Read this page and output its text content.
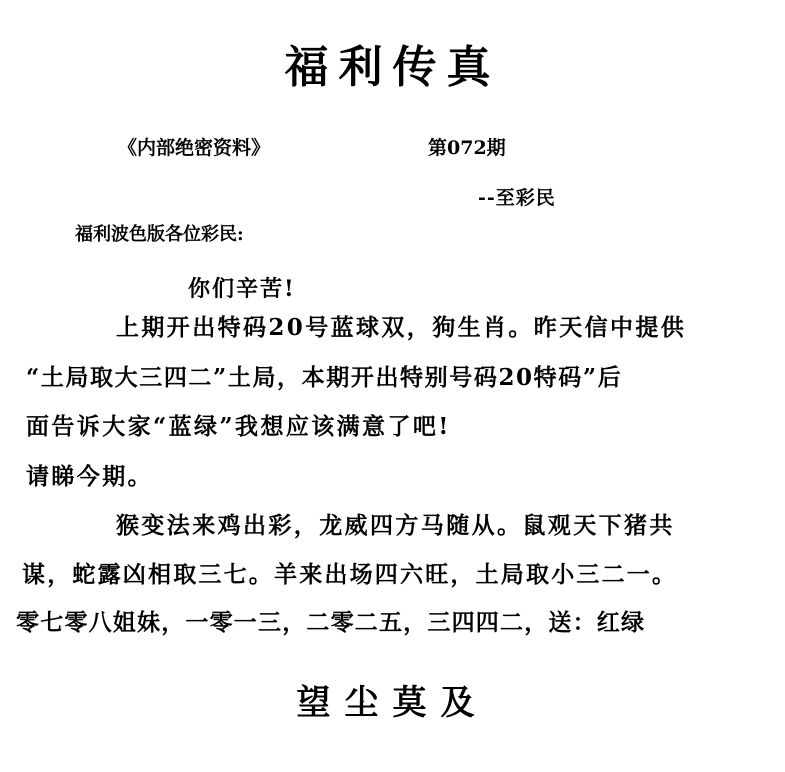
福利传真
《内部绝密资料》	第072期
--至彩民
福利波色版各位彩民:
你们辛苦!
上期开出特码20号蓝球双，狗生肖。昨天信中提供
“土局取大三四二”土局，本期开出特别号码20特码”后
面告诉大家“蓝绿”我想应该满意了吧!
请睇今期。
猴变法来鸡出彩，龙威四方马随从。鼠观天下猪共
谋，蛇露凶相取三七。羊来出场四六旺，土局取小三二一。
零七零八姐妹，一零一三，二零二五，三四四二，送：红绿
望尘莫及
